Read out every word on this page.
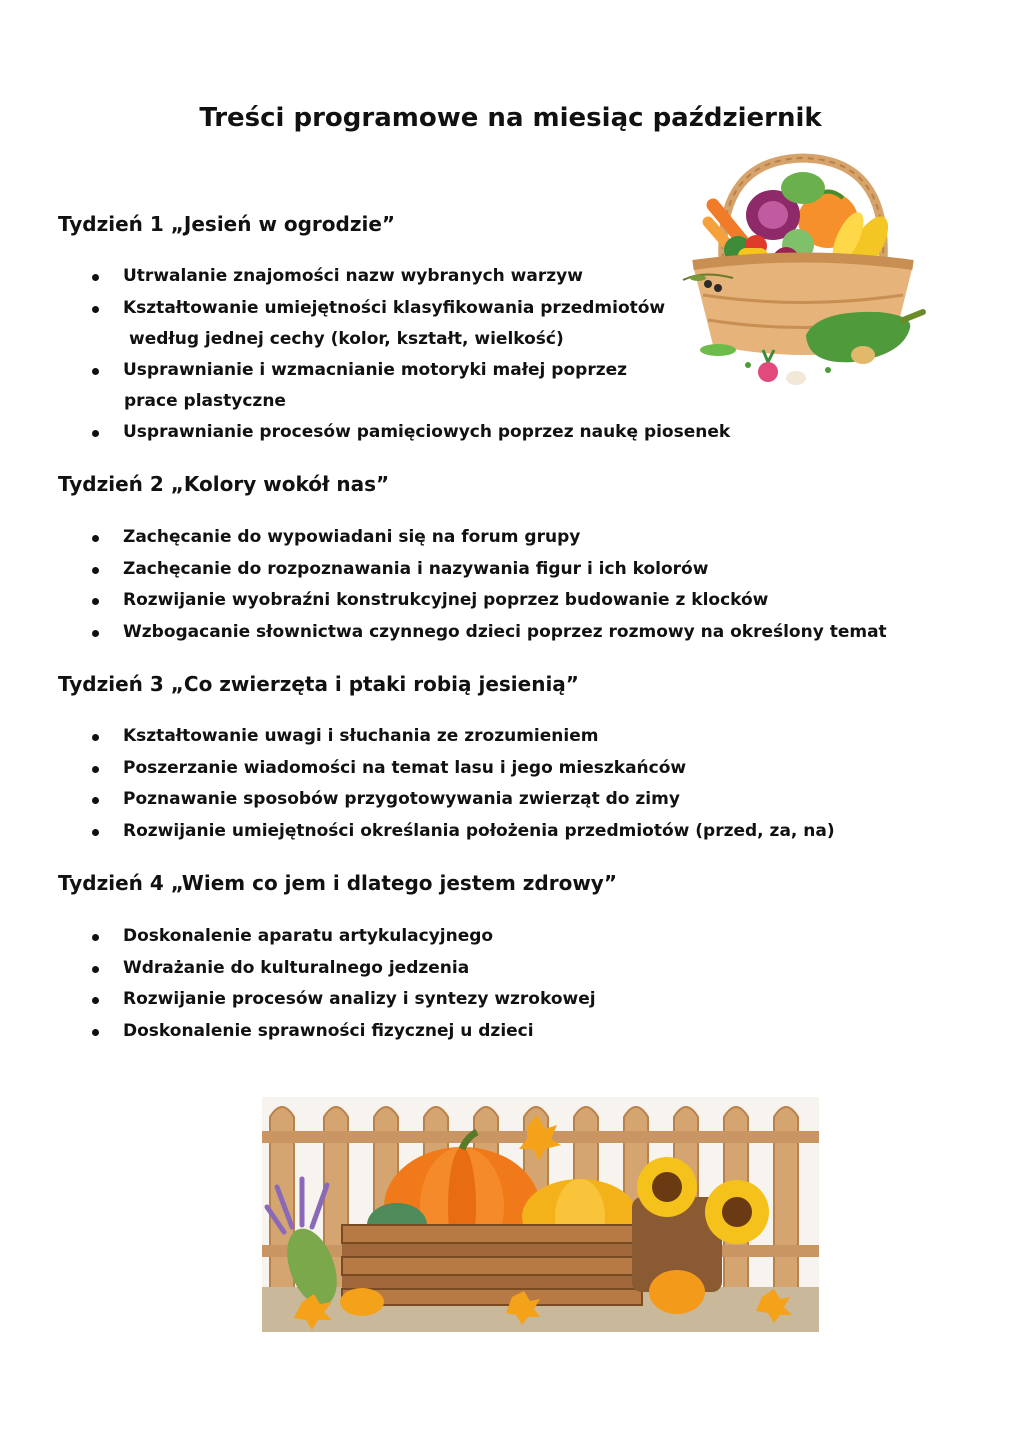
Treści programowe na miesiąc październik
Tydzień 1 „Jesień w ogrodzie”
Utrwalanie znajomości nazw wybranych warzyw
Kształtowanie umiejętności klasyfikowania przedmiotów
według jednej cechy (kolor, kształt, wielkość)
Usprawnianie i wzmacnianie motoryki małej poprzez
prace plastyczne
Usprawnianie procesów pamięciowych poprzez naukę piosenek
Tydzień 2 „Kolory wokół nas”
Zachęcanie do wypowiadani się na forum grupy
Zachęcanie do rozpoznawania i nazywania figur i ich kolorów
Rozwijanie wyobraźni konstrukcyjnej poprzez budowanie z klocków
Wzbogacanie słownictwa czynnego dzieci poprzez rozmowy na określony temat
Tydzień 3 „Co zwierzęta i ptaki robią jesienią”
Kształtowanie uwagi i słuchania ze zrozumieniem
Poszerzanie wiadomości na temat lasu i jego mieszkańców
Poznawanie sposobów przygotowywania zwierząt do zimy
Rozwijanie umiejętności określania położenia przedmiotów (przed, za, na)
Tydzień 4 „Wiem co jem i dlatego jestem zdrowy”
Doskonalenie aparatu artykulacyjnego
Wdrażanie do kulturalnego jedzenia
Rozwijanie procesów analizy i syntezy wzrokowej
Doskonalenie sprawności fizycznej u dzieci
